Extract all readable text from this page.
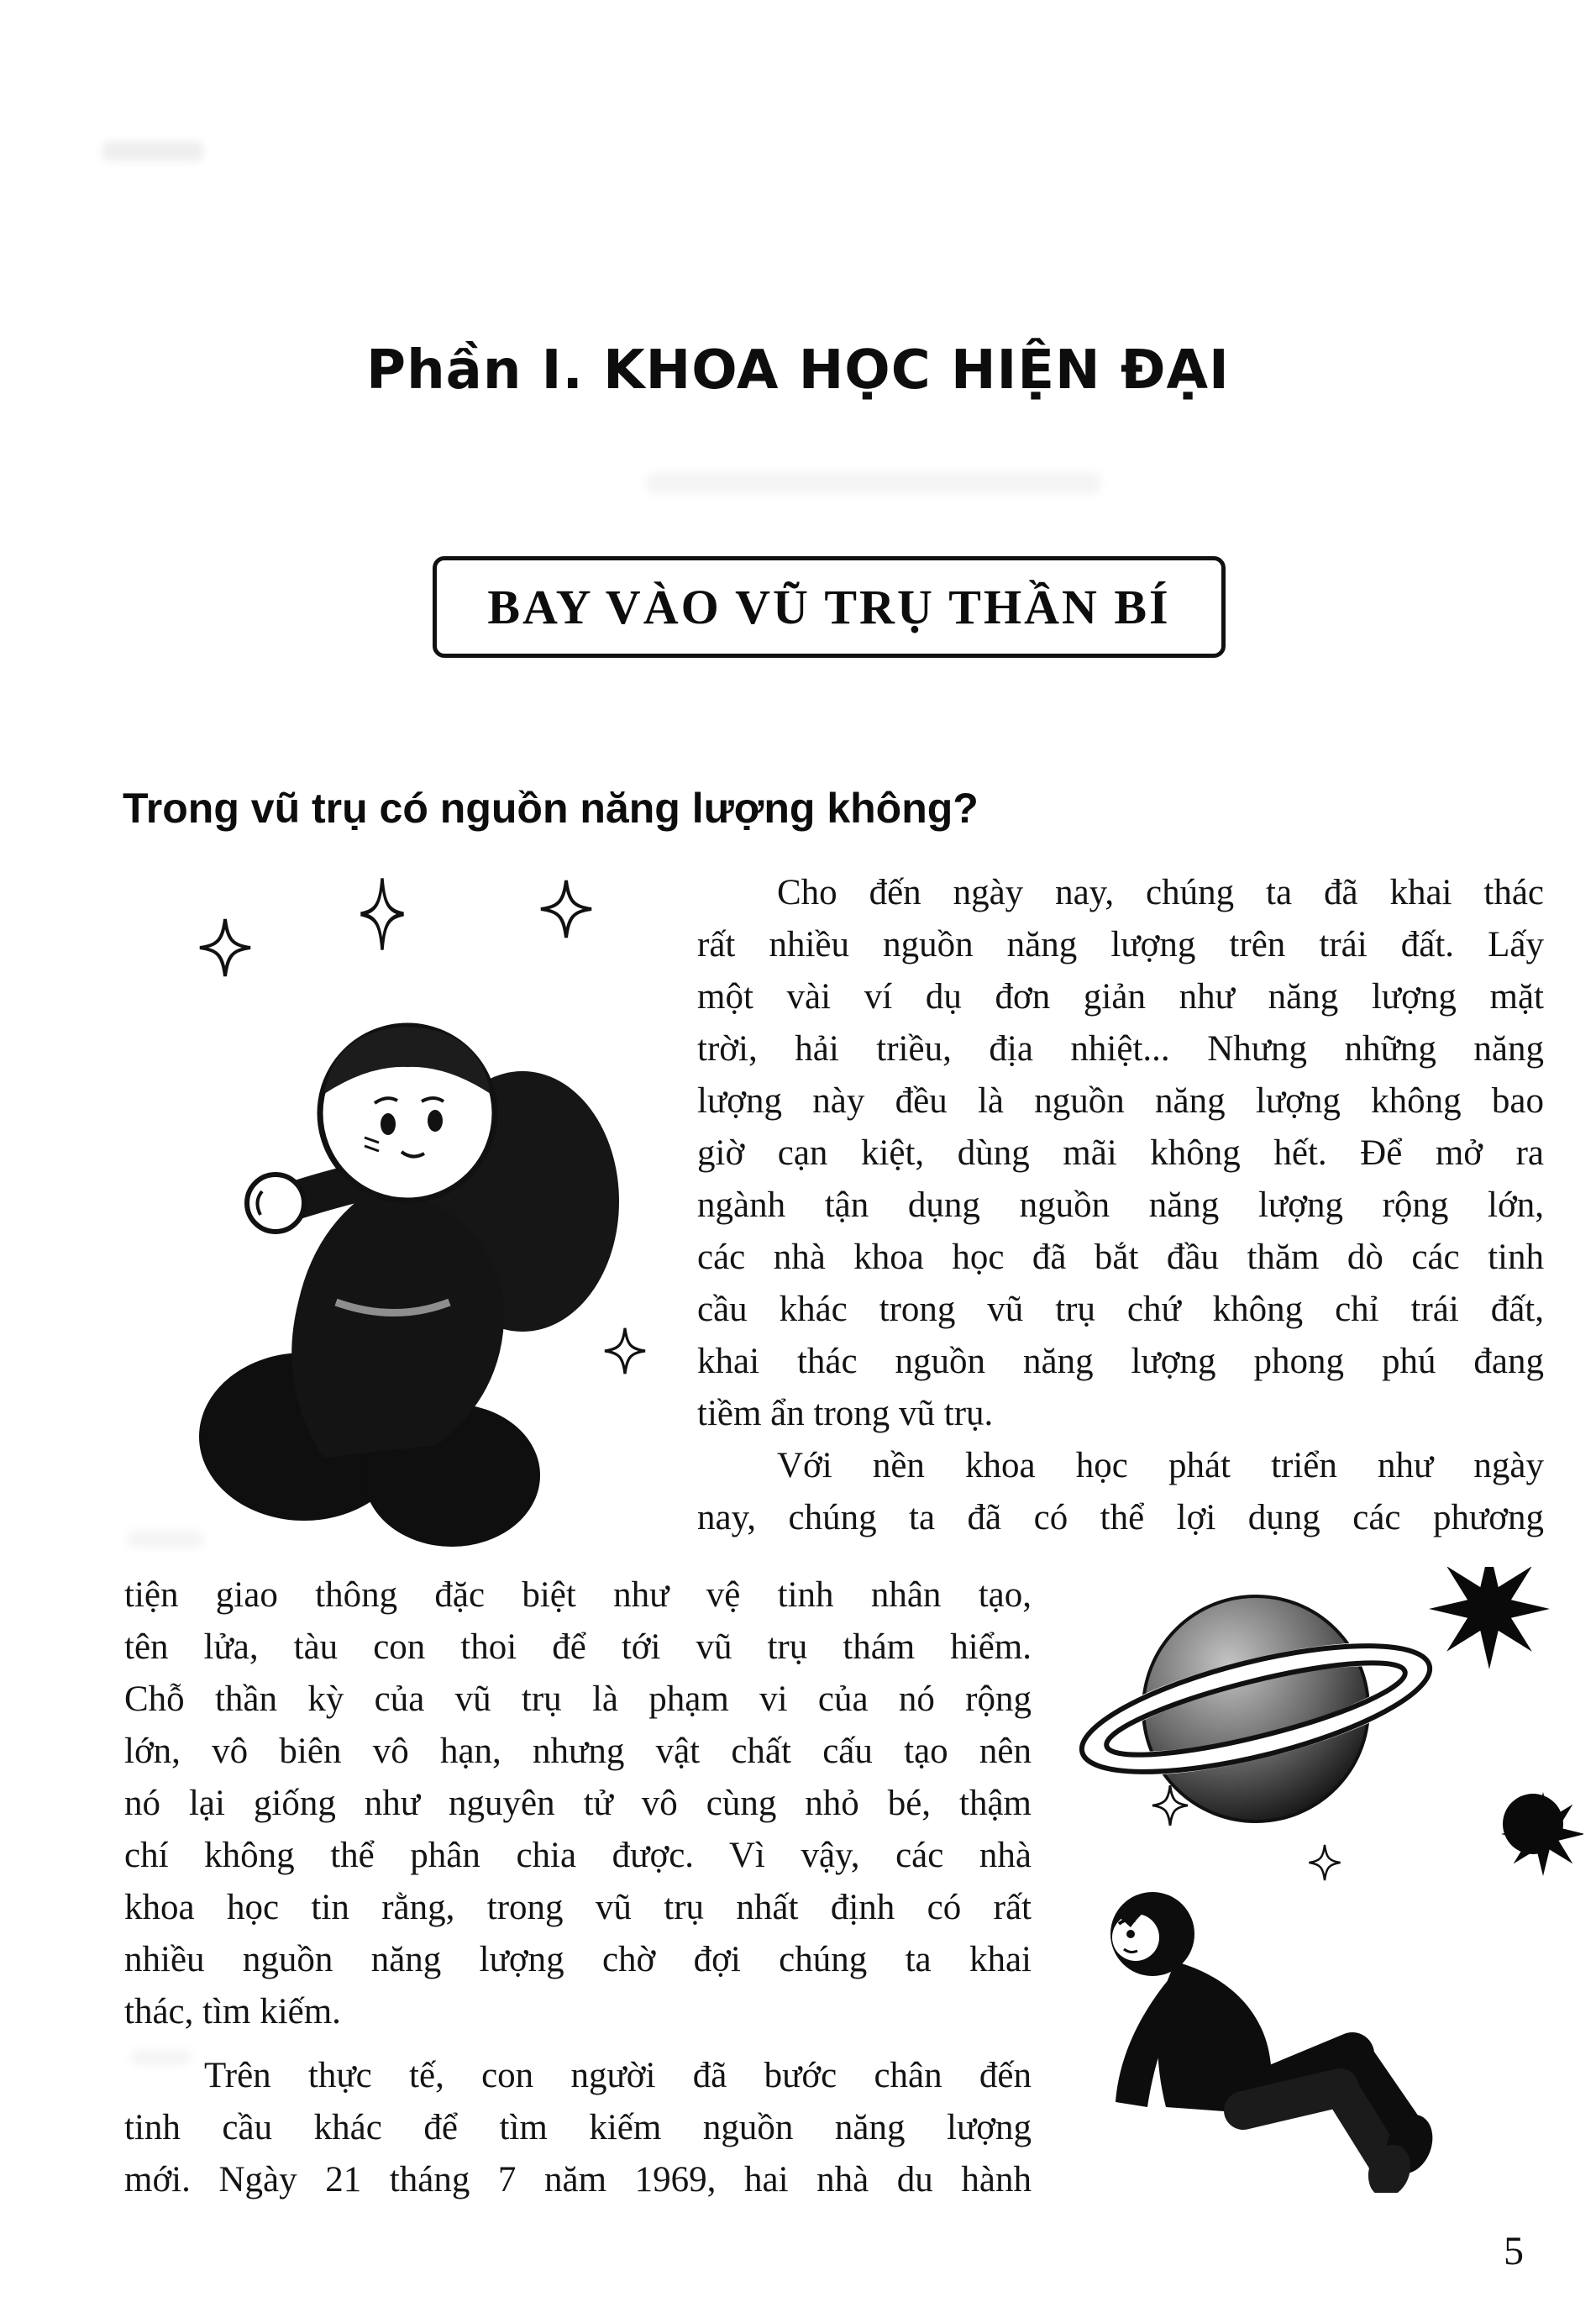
Phần I. KHOA HỌC HIỆN ĐẠI
BAY VÀO VŨ TRỤ THẦN BÍ
Trong vũ trụ có nguồn năng lượng không?
Cho đến ngày nay, chúng ta đã khai thác
rất nhiều nguồn năng lượng trên trái đất. Lấy
một vài ví dụ đơn giản như năng lượng mặt
trời, hải triều, địa nhiệt... Nhưng những năng
lượng này đều là nguồn năng lượng không bao
giờ cạn kiệt, dùng mãi không hết. Để mở ra
ngành tận dụng nguồn năng lượng rộng lớn,
các nhà khoa học đã bắt đầu thăm dò các tinh
cầu khác trong vũ trụ chứ không chỉ trái đất,
khai thác nguồn năng lượng phong phú đang
tiềm ẩn trong vũ trụ.
Với nền khoa học phát triển như ngày
nay, chúng ta đã có thể lợi dụng các phương
tiện giao thông đặc biệt như vệ tinh nhân tạo,
tên lửa, tàu con thoi để tới vũ trụ thám hiểm.
Chỗ thần kỳ của vũ trụ là phạm vi của nó rộng
lớn, vô biên vô hạn, nhưng vật chất cấu tạo nên
nó lại giống như nguyên tử vô cùng nhỏ bé, thậm
chí không thể phân chia được. Vì vậy, các nhà
khoa học tin rằng, trong vũ trụ nhất định có rất
nhiều nguồn năng lượng chờ đợi chúng ta khai
thác, tìm kiếm.
Trên thực tế, con người đã bước chân đến
tinh cầu khác để tìm kiếm nguồn năng lượng
mới. Ngày 21 tháng 7 năm 1969, hai nhà du hành
5
